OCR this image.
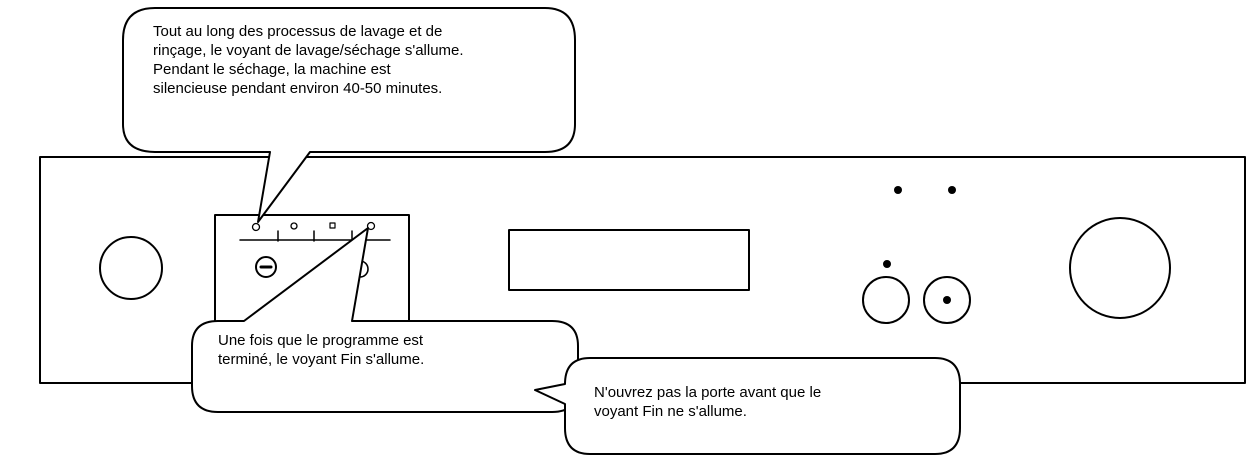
Tout au long des processus de lavage et de
rinçage, le voyant de lavage/séchage s'allume.
Pendant le séchage, la machine est
silencieuse pendant environ 40-50 minutes.
Une fois que le programme est
terminé, le voyant Fin s'allume.
N'ouvrez pas la porte avant que le
voyant Fin ne s'allume.
